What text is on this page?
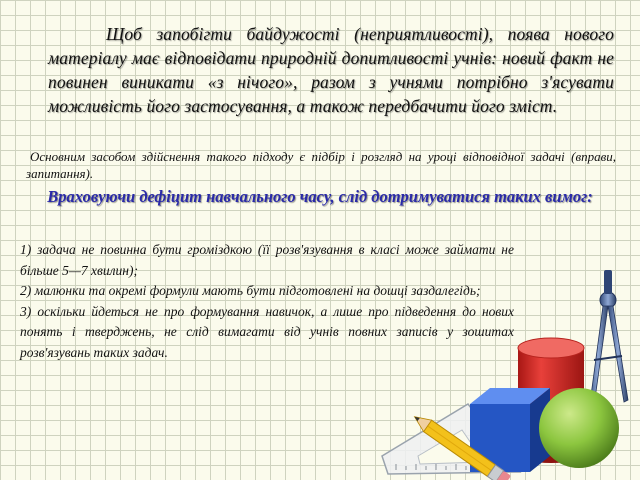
Щоб запобігти байдужості (неприятливості), поява нового матеріалу має відповідати природній допитливості учнів: новий факт не повинен виникати «з нічого», разом з учнями потрібно з'ясувати можливість його застосування, а також передбачити його зміст.

Основним засобом здійснення такого підходу є підбір і розгляд на уроці відповідної задачі (вправи, запитання).

Враховуючи дефіцит навчального часу, слід дотримуватися таких вимог:

1) задача не повинна бути громіздкою (її розв'язування в класі може займати не більше 5—7 хвилин);

2) малюнки та окремі формули мають бути підготовлені на дошці заздалегідь;

3) оскільки йдеться не про формування навичок, а лише про підведення до нових понять і тверджень, не слід вимагати від учнів повних записів у зошитах розв'язувань таких задач.
